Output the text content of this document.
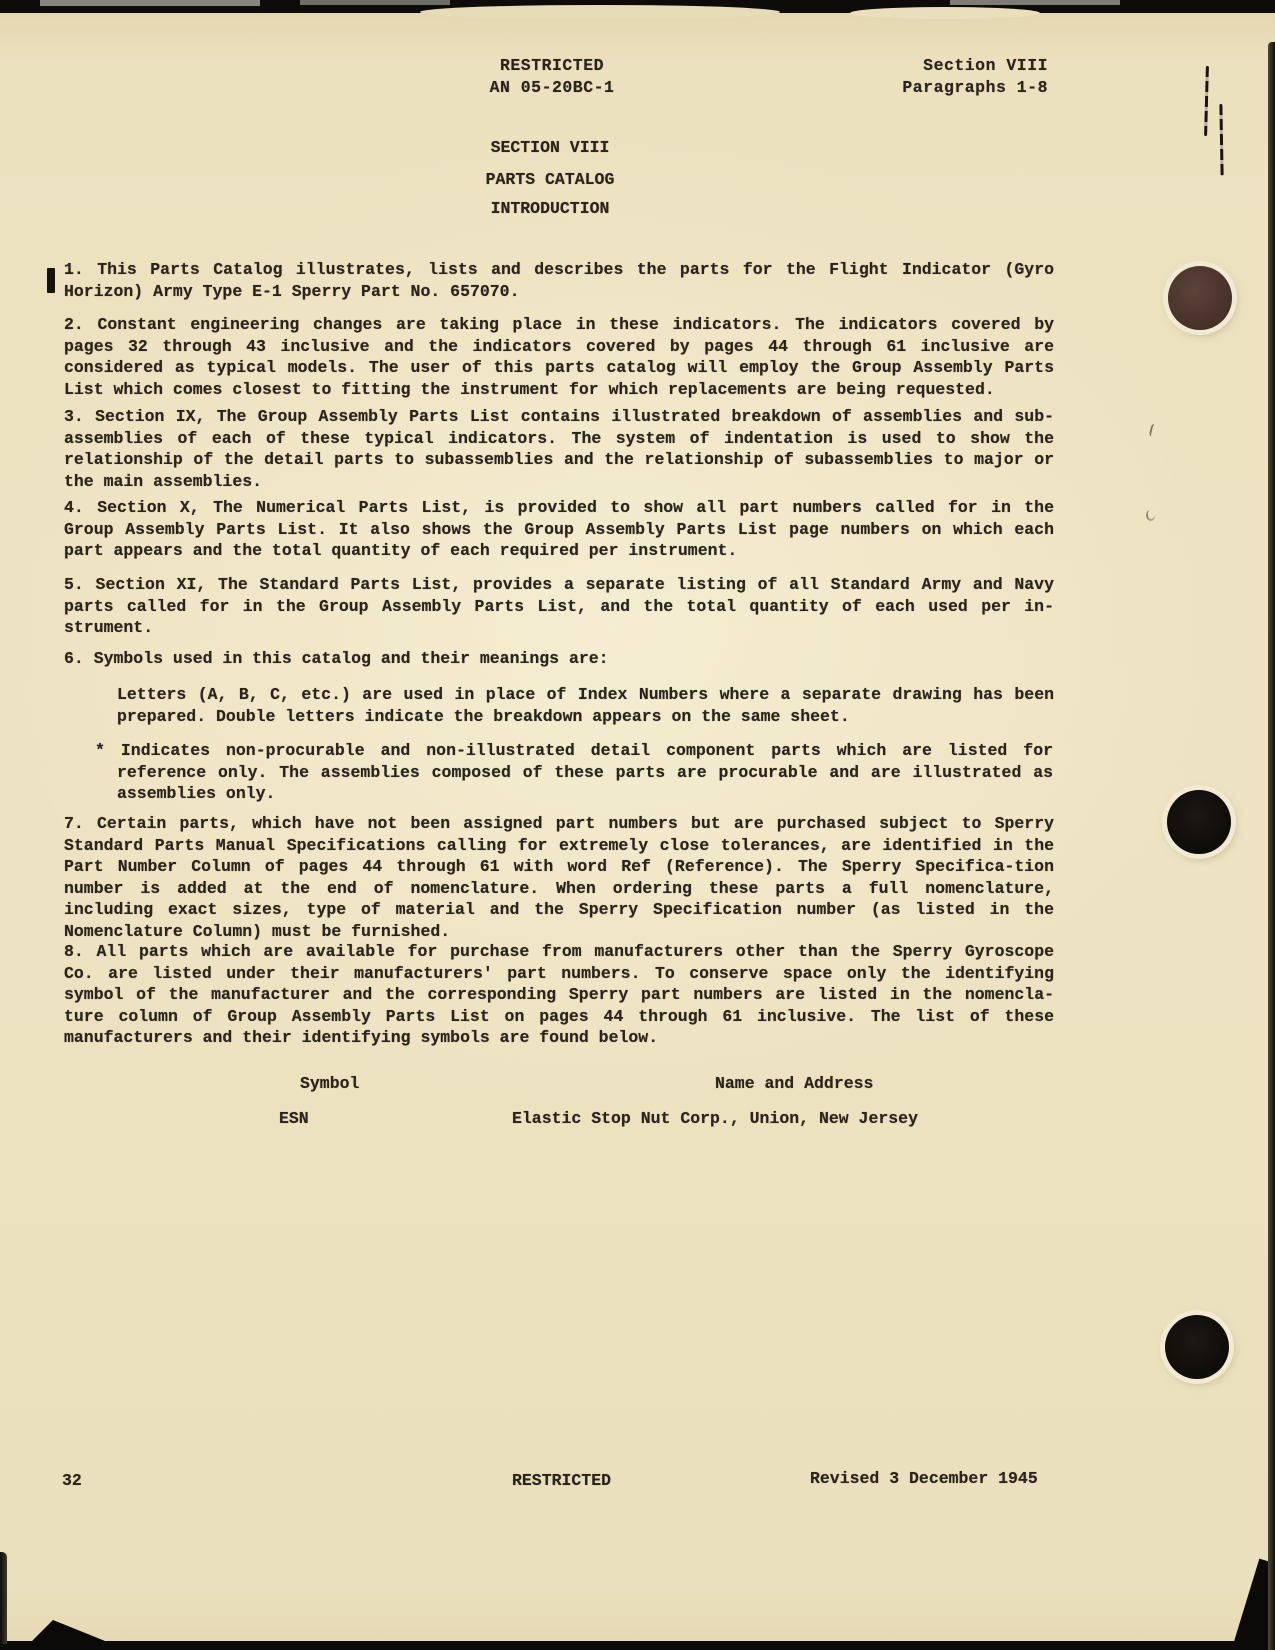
RESTRICTED
AN 05-20BC-1
Section VIII
Paragraphs 1-8
SECTION VIII
PARTS CATALOG
INTRODUCTION
1. This Parts Catalog illustrates, lists and describes the parts for the Flight Indicator (Gyro Horizon) Army Type E-1 Sperry Part No. 657070.
2. Constant engineering changes are taking place in these indicators. The indicators covered by pages 32 through 43 inclusive and the indicators covered by pages 44 through 61 inclusive are considered as typical models. The user of this parts catalog will employ the Group Assembly Parts List which comes closest to fitting the instrument for which replacements are being requested.
3. Section IX, The Group Assembly Parts List contains illustrated breakdown of assemblies and sub-assemblies of each of these typical indicators. The system of indentation is used to show the relationship of the detail parts to subassemblies and the relationship of subassemblies to major or the main assemblies.
4. Section X, The Numerical Parts List, is provided to show all part numbers called for in the Group Assembly Parts List. It also shows the Group Assembly Parts List page numbers on which each part appears and the total quantity of each required per instrument.
5. Section XI, The Standard Parts List, provides a separate listing of all Standard Army and Navy parts called for in the Group Assembly Parts List, and the total quantity of each used per in-strument.
6. Symbols used in this catalog and their meanings are:
Letters (A, B, C, etc.) are used in place of Index Numbers where a separate drawing has been prepared. Double letters indicate the breakdown appears on the same sheet.
* Indicates non-procurable and non-illustrated detail component parts which are listed for reference only. The assemblies composed of these parts are procurable and are illustrated as assemblies only.
7. Certain parts, which have not been assigned part numbers but are purchased subject to Sperry Standard Parts Manual Specifications calling for extremely close tolerances, are identified in the Part Number Column of pages 44 through 61 with word Ref (Reference). The Sperry Specifica-tion number is added at the end of nomenclature. When ordering these parts a full nomenclature, including exact sizes, type of material and the Sperry Specification number (as listed in the Nomenclature Column) must be furnished.
8. All parts which are available for purchase from manufacturers other than the Sperry Gyroscope Co. are listed under their manufacturers' part numbers. To conserve space only the identifying symbol of the manufacturer and the corresponding Sperry part numbers are listed in the nomencla-ture column of Group Assembly Parts List on pages 44 through 61 inclusive. The list of these manufacturers and their identifying symbols are found below.
Symbol	Name and Address
ESN	Elastic Stop Nut Corp., Union, New Jersey
32	RESTRICTED	Revised 3 December 1945
